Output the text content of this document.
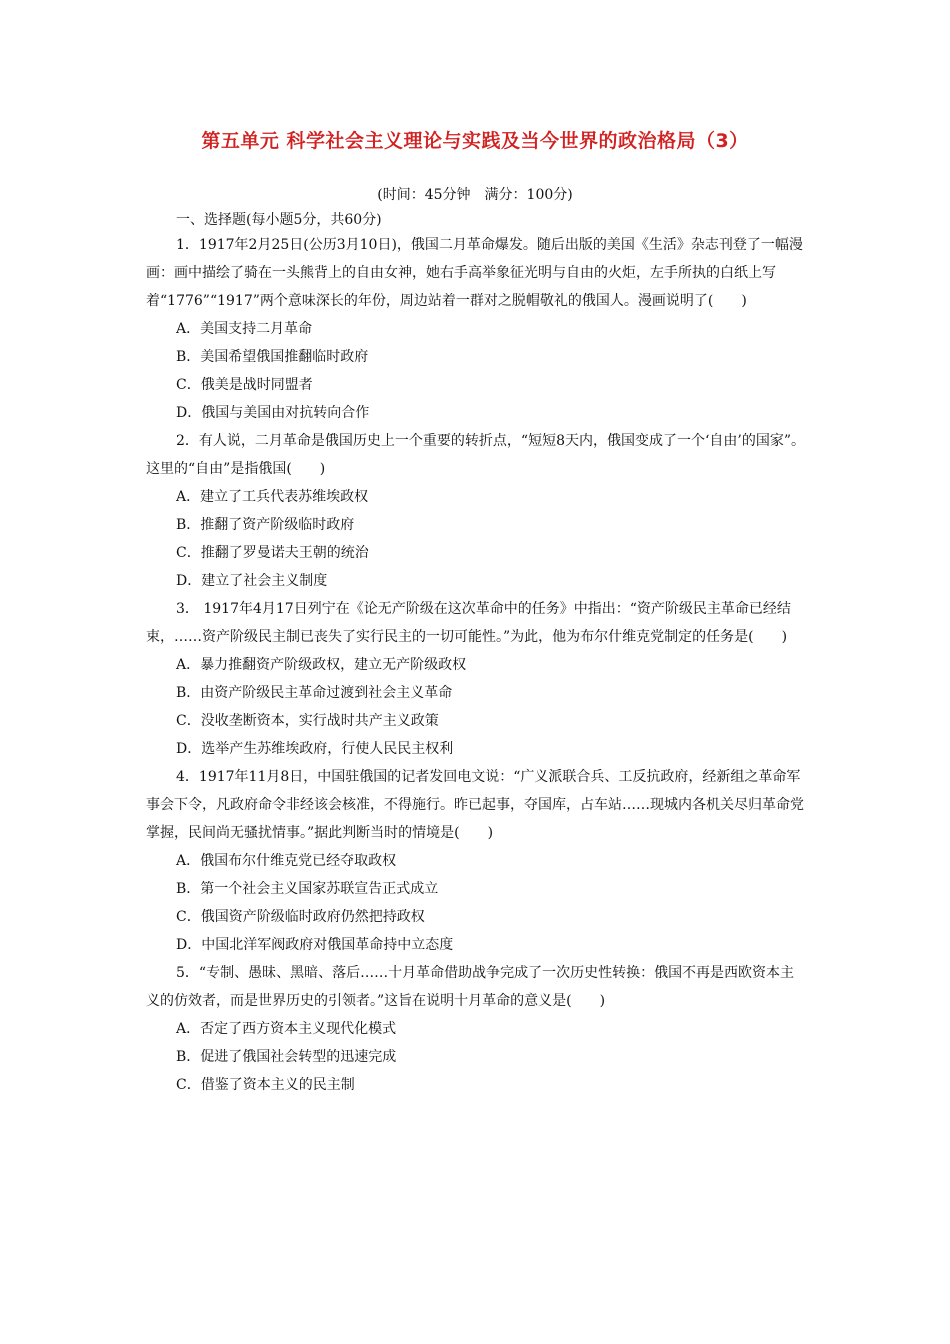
第五单元 科学社会主义理论与实践及当今世界的政治格局（3）
(时间：45分钟　满分：100分)
一、选择题(每小题5分，共60分)

1．1917年2月25日(公历3月10日)，俄国二月革命爆发。随后出版的美国《生活》杂志刊登了一幅漫画：画中描绘了骑在一头熊背上的自由女神，她右手高举象征光明与自由的火炬，左手所执的白纸上写着“1776”“1917”两个意味深长的年份，周边站着一群对之脱帽敬礼的俄国人。漫画说明了(　　)

A．美国支持二月革命

B．美国希望俄国推翻临时政府

C．俄美是战时同盟者

D．俄国与美国由对抗转向合作

2．有人说，二月革命是俄国历史上一个重要的转折点，“短短8天内，俄国变成了一个‘自由’的国家”。这里的“自由”是指俄国(　　)

A．建立了工兵代表苏维埃政权

B．推翻了资产阶级临时政府

C．推翻了罗曼诺夫王朝的统治

D．建立了社会主义制度

3． 1917年4月17日列宁在《论无产阶级在这次革命中的任务》中指出：“资产阶级民主革命已经结束，……资产阶级民主制已丧失了实行民主的一切可能性。”为此，他为布尔什维克党制定的任务是(　　)

A．暴力推翻资产阶级政权，建立无产阶级政权

B．由资产阶级民主革命过渡到社会主义革命

C．没收垄断资本，实行战时共产主义政策

D．选举产生苏维埃政府，行使人民民主权利

4．1917年11月8日，中国驻俄国的记者发回电文说：“广义派联合兵、工反抗政府，经新组之革命军事会下令，凡政府命令非经该会核准，不得施行。昨已起事，夺国库，占车站……现城内各机关尽归革命党掌握，民间尚无骚扰情事。”据此判断当时的情境是(　　)

A．俄国布尔什维克党已经夺取政权

B．第一个社会主义国家苏联宣告正式成立

C．俄国资产阶级临时政府仍然把持政权

D．中国北洋军阀政府对俄国革命持中立态度

5．“专制、愚昧、黑暗、落后……十月革命借助战争完成了一次历史性转换：俄国不再是西欧资本主义的仿效者，而是世界历史的引领者。”这旨在说明十月革命的意义是(　　)

A．否定了西方资本主义现代化模式

B．促进了俄国社会转型的迅速完成

C．借鉴了资本主义的民主制
